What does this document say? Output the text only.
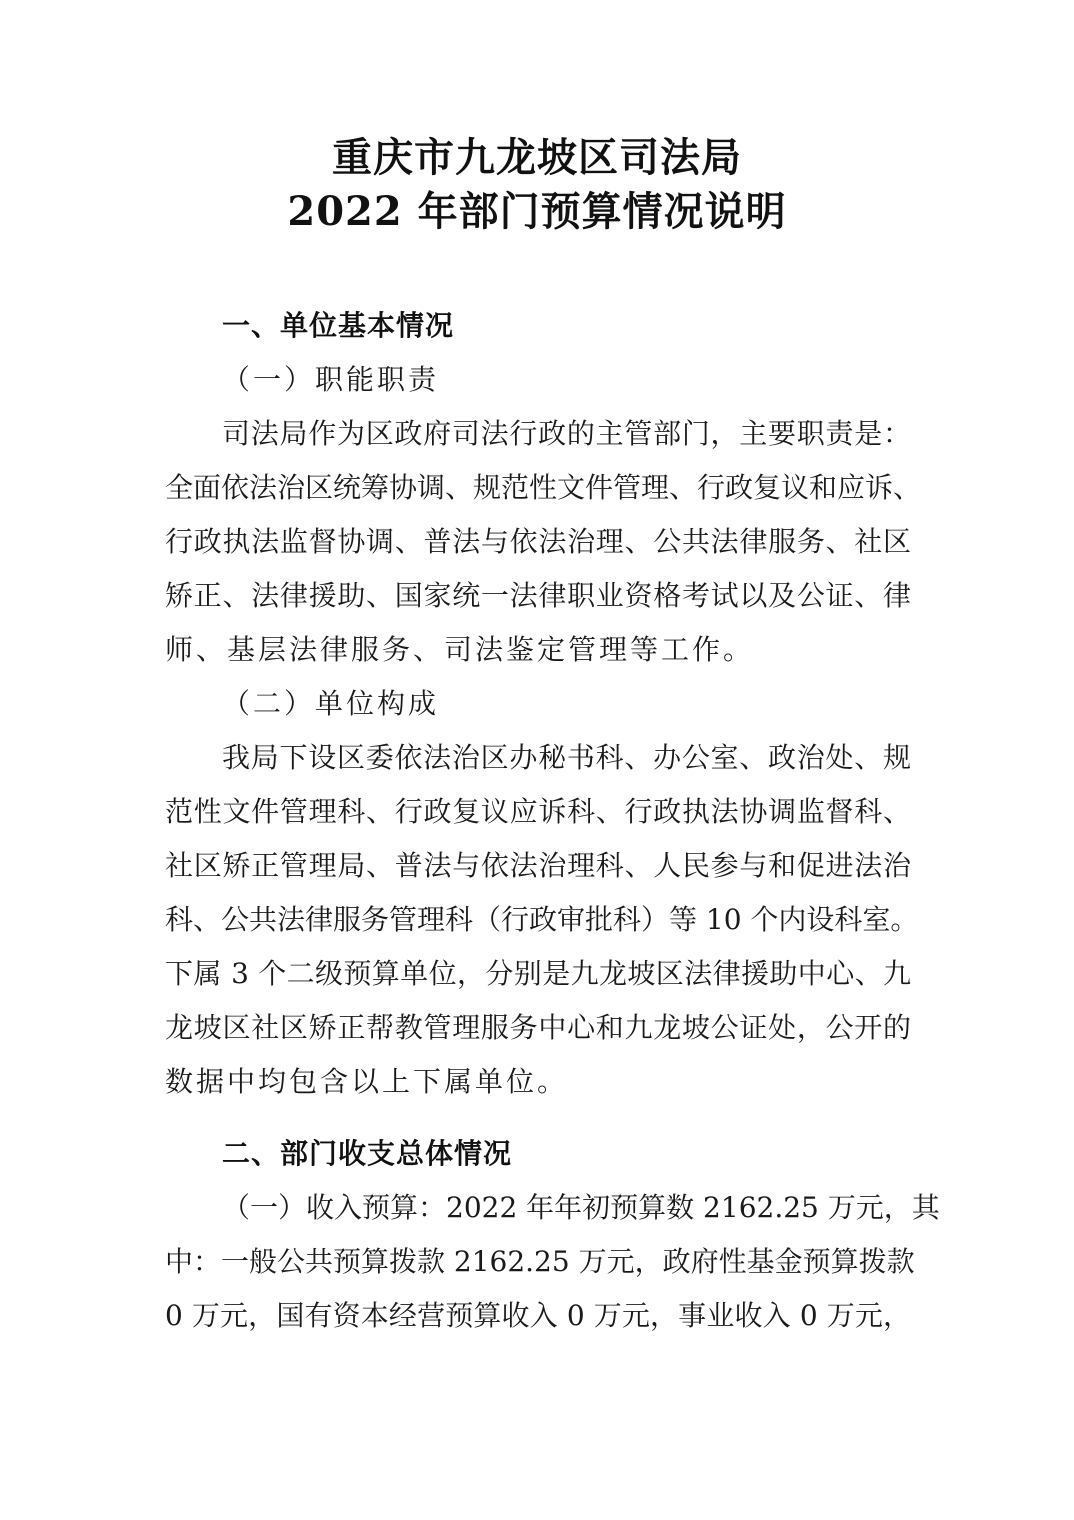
重庆市九龙坡区司法局
2022 年部门预算情况说明
一、单位基本情况
（一）职能职责
司法局作为区政府司法行政的主管部门，主要职责是：
全面依法治区统筹协调、规范性文件管理、行政复议和应诉、
行政执法监督协调、普法与依法治理、公共法律服务、社区
矫正、法律援助、国家统一法律职业资格考试以及公证、律
师、基层法律服务、司法鉴定管理等工作。
（二）单位构成
我局下设区委依法治区办秘书科、办公室、政治处、规
范性文件管理科、行政复议应诉科、行政执法协调监督科、
社区矫正管理局、普法与依法治理科、人民参与和促进法治
科、公共法律服务管理科（行政审批科）等 10 个内设科室。
下属 3 个二级预算单位，分别是九龙坡区法律援助中心、九
龙坡区社区矫正帮教管理服务中心和九龙坡公证处，公开的
数据中均包含以上下属单位。
二、部门收支总体情况
（一）收入预算：2022 年年初预算数 2162.25 万元，其
中：一般公共预算拨款 2162.25 万元，政府性基金预算拨款
0 万元，国有资本经营预算收入 0 万元，事业收入 0 万元，
